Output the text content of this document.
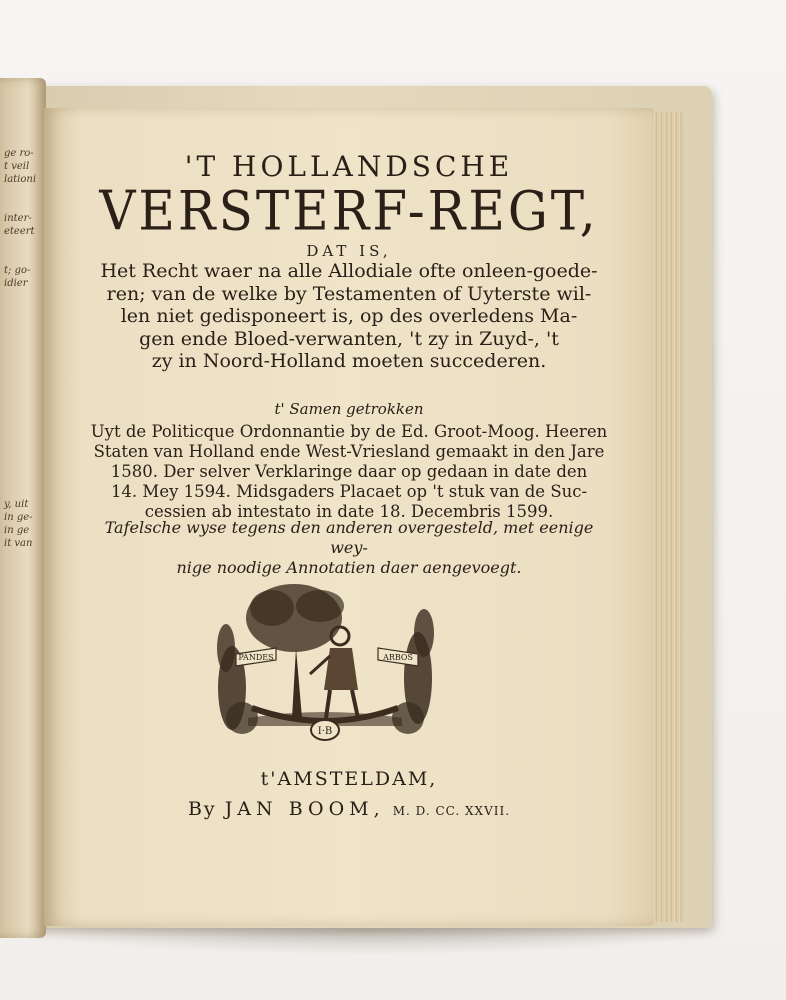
ge ro-
t veil
lationi
inter-
eteert
t; go-
idier
y, uit
in ge-
in ge
it van
'T HOLLANDSCHE
VERSTERF-REGT,
DAT IS,
Het Recht waer na alle Allodiale ofte onleen-goede-
ren; van de welke by Testamenten of Uyterste wil-
len niet gedisponeert is, op des overledens Ma-
gen ende Bloed-verwanten, 't zy in Zuyd-, 't
zy in Noord-Holland moeten succederen.
t' Samen getrokken
Uyt de Politicque Ordonnantie by de Ed. Groot-Moog. Heeren
Staten van Holland ende West-Vriesland gemaakt in den Jare
1580. Der selver Verklaringe daar op gedaan in date den
14. Mey 1594. Midsgaders Placaet op 't stuk van de Suc-
cessien ab intestato in date 18. Decembris 1599.
Tafelsche wyse tegens den anderen overgesteld, met eenige wey-
nige noodige Annotatien daer aengevoegt.
PANDES	ARBOS
I·B
t'AMSTELDAM,
By JAN BOOM, M. D. CC. XXVII.
